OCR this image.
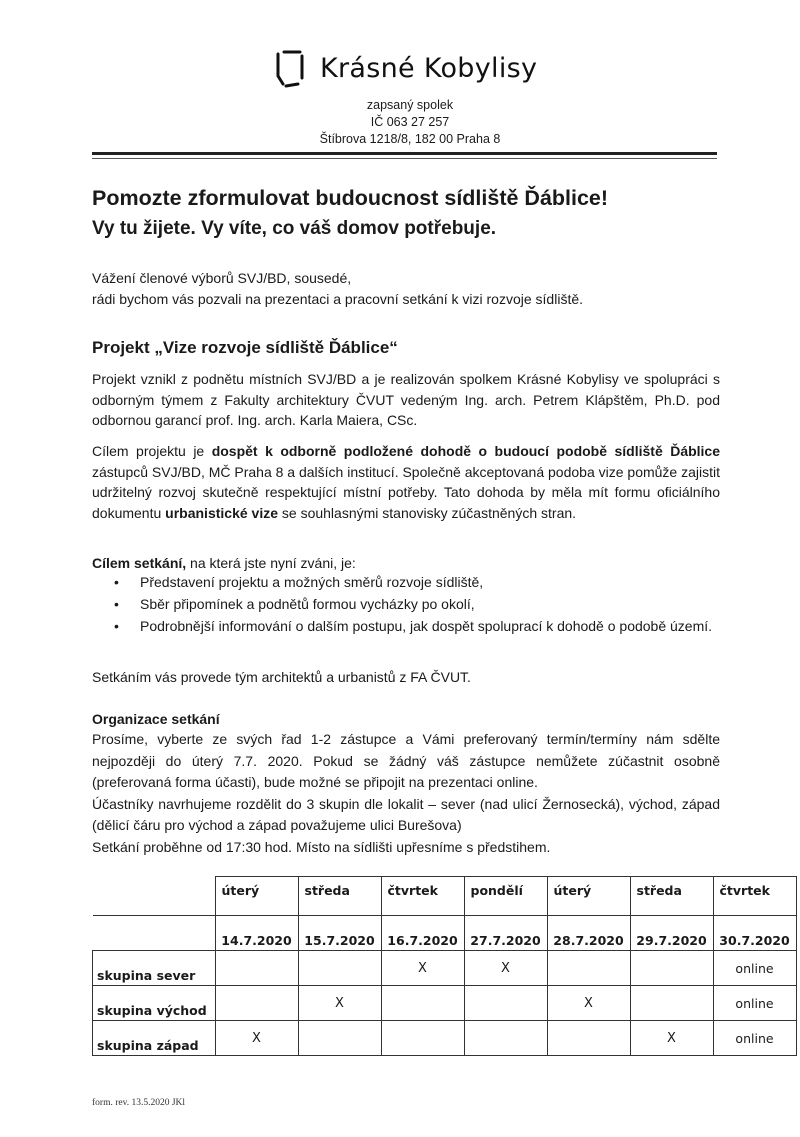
Krásné Kobylisy
zapsaný spolek
IČ 063 27 257
Štíbrova 1218/8, 182 00 Praha 8
Pomozte zformulovat budoucnost sídliště Ďáblice!
Vy tu žijete. Vy víte, co váš domov potřebuje.
Vážení členové výborů SVJ/BD, sousedé,
rádi bychom vás pozvali na prezentaci a pracovní setkání k vizi rozvoje sídliště.
Projekt „Vize rozvoje sídliště Ďáblice“
Projekt vznikl z podnětu místních SVJ/BD a je realizován spolkem Krásné Kobylisy ve spolupráci s odborným týmem z Fakulty architektury ČVUT vedeným Ing. arch. Petrem Klápštěm, Ph.D. pod odbornou garancí prof. Ing. arch. Karla Maiera, CSc.
Cílem projektu je dospět k odborně podložené dohodě o budoucí podobě sídliště Ďáblice zástupců SVJ/BD, MČ Praha 8 a dalších institucí. Společně akceptovaná podoba vize pomůže zajistit udržitelný rozvoj skutečně respektující místní potřeby. Tato dohoda by měla mít formu oficiálního dokumentu urbanistické vize se souhlasnými stanovisky zúčastněných stran.
Cílem setkání, na která jste nyní zváni, je:
• Představení projektu a možných směrů rozvoje sídliště,
• Sběr připomínek a podnětů formou vycházky po okolí,
• Podrobnější informování o dalším postupu, jak dospět spoluprací k dohodě o podobě území.
Setkáním vás provede tým architektů a urbanistů z FA ČVUT.
Organizace setkání
Prosíme, vyberte ze svých řad 1-2 zástupce a Vámi preferovaný termín/termíny nám sdělte nejpozději do úterý 7.7. 2020. Pokud se žádný váš zástupce nemůžete zúčastnit osobně (preferovaná forma účasti), bude možné se připojit na prezentaci online.
Účastníky navrhujeme rozdělit do 3 skupin dle lokalit – sever (nad ulicí Žernosecká), východ, západ (dělicí čáru pro východ a západ považujeme ulici Burešova)
Setkání proběhne od 17:30 hod. Místo na sídlišti upřesníme s předstihem.
	úterý	středa	čtvrtek	pondělí	úterý	středa	čtvrtek
	14.7.2020	15.7.2020	16.7.2020	27.7.2020	28.7.2020	29.7.2020	30.7.2020
skupina sever			X	X			online
skupina východ		X			X		online
skupina západ	X					X	online
form. rev. 13.5.2020 JKl
